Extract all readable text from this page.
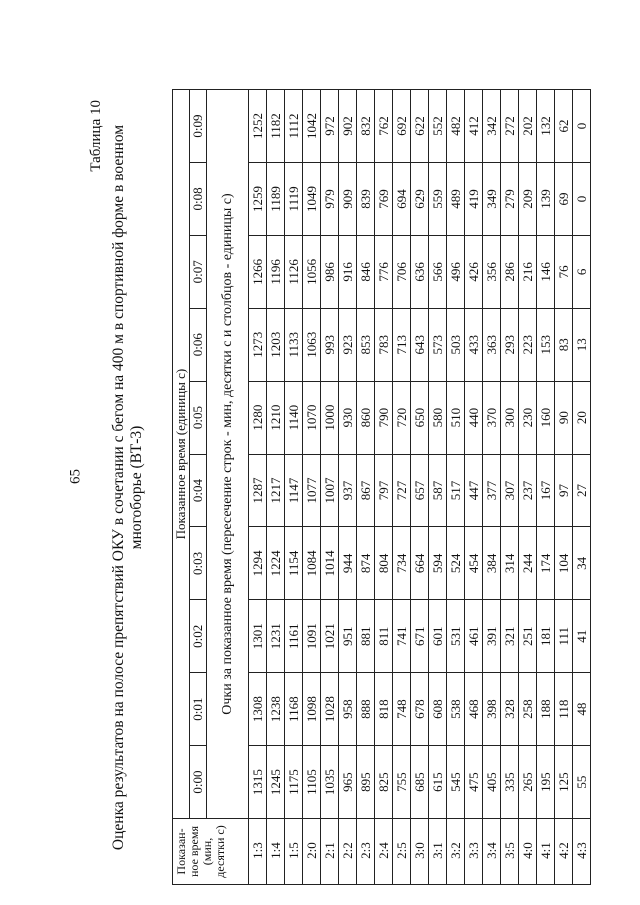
65
Таблица 10 Оценка результатов на полосе препятствий ОКУ в сочетании с бегом на 400 м в спортивной форме в военном многоборье (ВТ-3)
Показан- ное время (мин, десятки с)	Показанное время (единицы с)									
	0:00	0:01	0:02	0:03	0:04	0:05	0:06	0:07	0:08	0:09
	Очки за показанное время (пересечение строк - мин, десятки с и столбцов - единицы с)									
1:3	1315	1308	1301	1294	1287	1280	1273	1266	1259	1252
1:4	1245	1238	1231	1224	1217	1210	1203	1196	1189	1182
1:5	1175	1168	1161	1154	1147	1140	1133	1126	1119	1112
2:0	1105	1098	1091	1084	1077	1070	1063	1056	1049	1042
2:1	1035	1028	1021	1014	1007	1000	993	986	979	972
2:2	965	958	951	944	937	930	923	916	909	902
2:3	895	888	881	874	867	860	853	846	839	832
2:4	825	818	811	804	797	790	783	776	769	762
2:5	755	748	741	734	727	720	713	706	694	692
3:0	685	678	671	664	657	650	643	636	629	622
3:1	615	608	601	594	587	580	573	566	559	552
3:2	545	538	531	524	517	510	503	496	489	482
3:3	475	468	461	454	447	440	433	426	419	412
3:4	405	398	391	384	377	370	363	356	349	342
3:5	335	328	321	314	307	300	293	286	279	272
4:0	265	258	251	244	237	230	223	216	209	202
4:1	195	188	181	174	167	160	153	146	139	132
4:2	125	118	111	104	97	90	83	76	69	62
4:3	55	48	41	34	27	20	13	6	0	0
